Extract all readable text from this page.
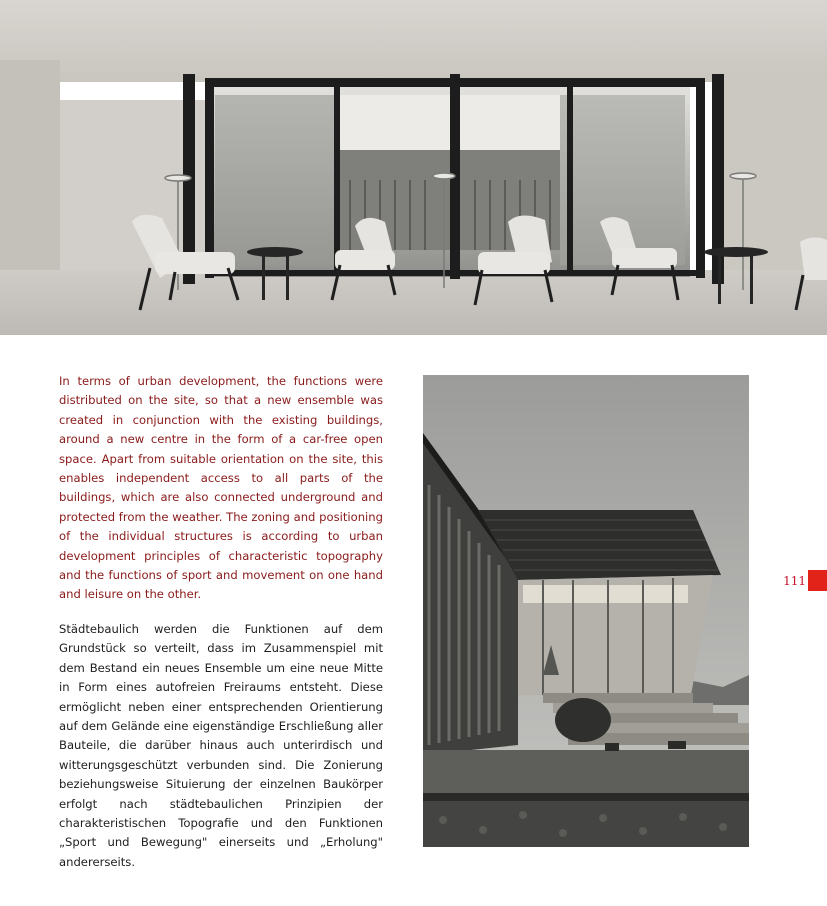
In terms of urban development, the functions were distributed on the site, so that a new ensemble was created in conjunction with the existing buildings, around a new centre in the form of a car-free open space. Apart from suitable orientation on the site, this enables independent access to all parts of the buildings, which are also connected underground and protected from the weather. The zoning and positioning of the individual structures is according to urban development principles of characteristic topography and the functions of sport and movement on one hand and leisure on the other.

Städtebaulich werden die Funktionen auf dem Grundstück so verteilt, dass im Zusammenspiel mit dem Bestand ein neues Ensemble um eine neue Mitte in Form eines autofreien Freiraums entsteht. Diese ermöglicht neben einer entsprechenden Orientierung auf dem Gelände eine eigenständige Erschließung aller Bauteile, die darüber hinaus auch unterirdisch und witterungsgeschützt verbunden sind. Die Zonierung beziehungsweise Situierung der einzelnen Baukörper erfolgt nach städtebaulichen Prinzipien der charakteristischen Topografie und den Funktionen „Sport und Bewegung" einerseits und „Erholung" andererseits.

111
